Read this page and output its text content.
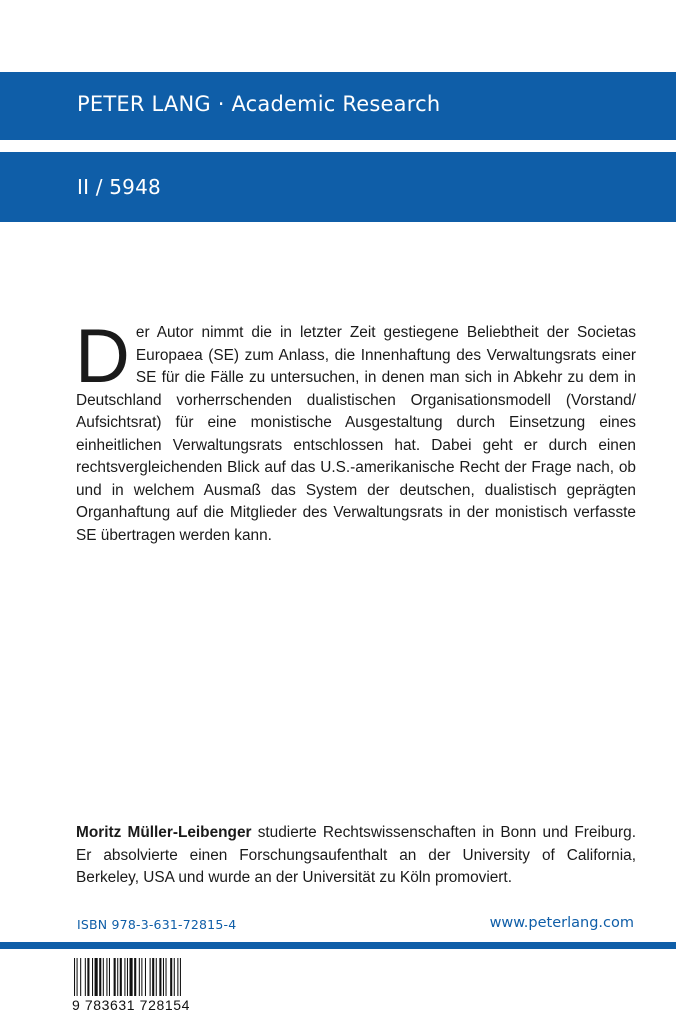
PETER LANG · Academic Research
II / 5948
D er Autor nimmt die in letzter Zeit gestiegene Beliebtheit der Societas Europaea (SE) zum Anlass, die Innenhaftung des Verwaltungsrats einer SE für die Fälle zu untersuchen, in denen man sich in Abkehr zu dem in Deutschland vorherrschenden dualistischen Organisationsmodell (Vorstand/ Aufsichtsrat) für eine monistische Ausgestaltung durch Einsetzung eines einheitlichen Verwaltungsrats entschlossen hat. Dabei geht er durch einen rechtsvergleichenden Blick auf das U.S.-amerikanische Recht der Frage nach, ob und in welchem Ausmaß das System der deutschen, dualistisch geprägten Organhaftung auf die Mitglieder des Verwaltungsrats in der monistisch verfasste SE übertragen werden kann.
Moritz Müller-Leibenger studierte Rechtswissenschaften in Bonn und Freiburg. Er absolvierte einen Forschungsaufenthalt an der University of California, Berkeley, USA und wurde an der Universität zu Köln promoviert.
ISBN 978-3-631-72815-4	www.peterlang.com
9 783631 728154
